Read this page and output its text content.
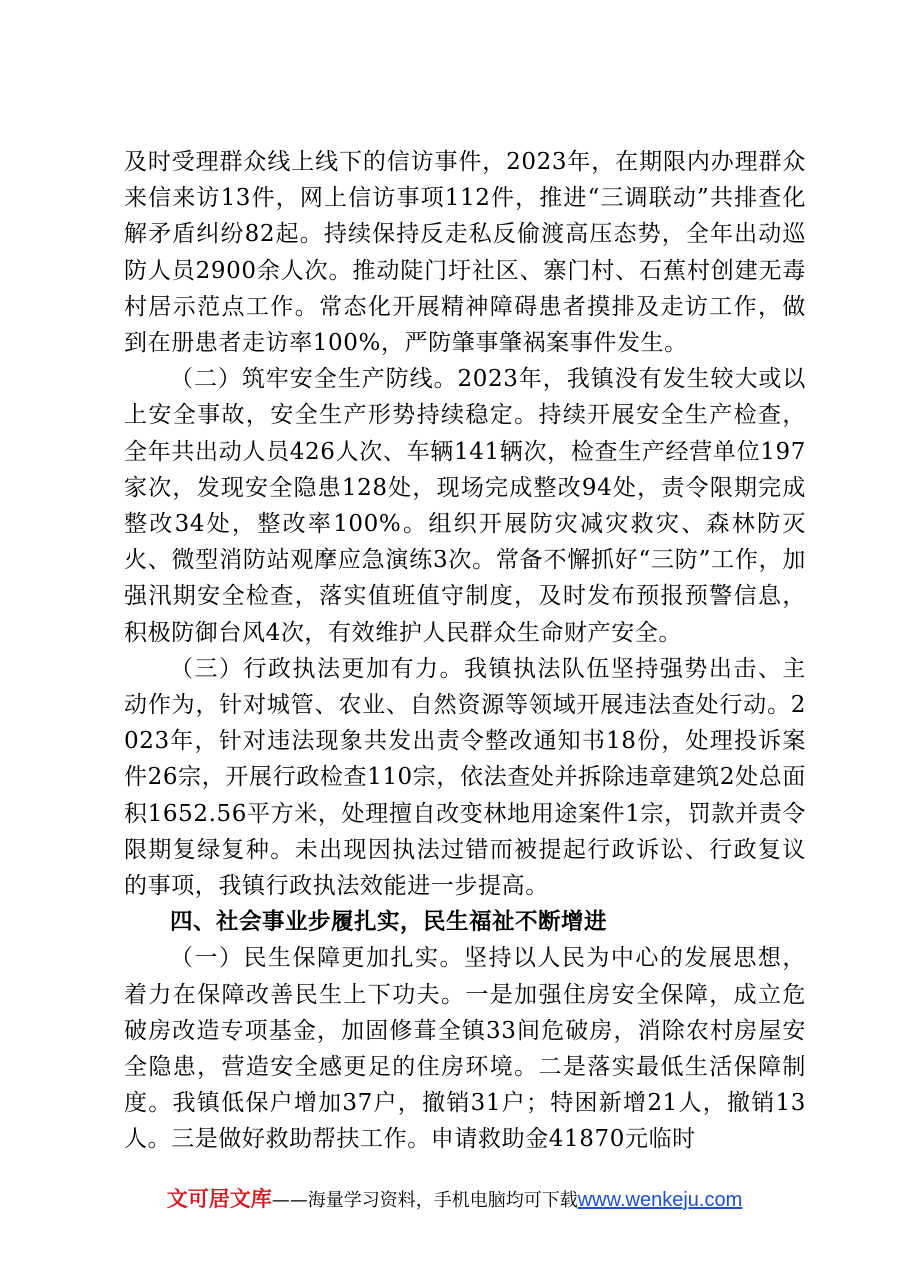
及时受理群众线上线下的信访事件，2023年，在期限内办理群众来信来访13件，网上信访事项112件，推进“三调联动”共排查化解矛盾纠纷82起。持续保持反走私反偷渡高压态势，全年出动巡防人员2900余人次。推动陡门圩社区、寨门村、石蕉村创建无毒村居示范点工作。常态化开展精神障碍患者摸排及走访工作，做到在册患者走访率100%，严防肇事肇祸案事件发生。

（二）筑牢安全生产防线。2023年，我镇没有发生较大或以上安全事故，安全生产形势持续稳定。持续开展安全生产检查，全年共出动人员426人次、车辆141辆次，检查生产经营单位197家次，发现安全隐患128处，现场完成整改94处，责令限期完成整改34处，整改率100%。组织开展防灾减灾救灾、森林防灭火、微型消防站观摩应急演练3次。常备不懈抓好“三防”工作，加强汛期安全检查，落实值班值守制度，及时发布预报预警信息，积极防御台风4次，有效维护人民群众生命财产安全。

（三）行政执法更加有力。我镇执法队伍坚持强势出击、主动作为，针对城管、农业、自然资源等领域开展违法查处行动。2023年，针对违法现象共发出责令整改通知书18份，处理投诉案件26宗，开展行政检查110宗，依法查处并拆除违章建筑2处总面积1652.56平方米，处理擅自改变林地用途案件1宗，罚款并责令限期复绿复种。未出现因执法过错而被提起行政诉讼、行政复议的事项，我镇行政执法效能进一步提高。

四、社会事业步履扎实，民生福祉不断增进

（一）民生保障更加扎实。坚持以人民为中心的发展思想，着力在保障改善民生上下功夫。一是加强住房安全保障，成立危破房改造专项基金，加固修葺全镇33间危破房，消除农村房屋安全隐患，营造安全感更足的住房环境。二是落实最低生活保障制度。我镇低保户增加37户，撤销31户；特困新增21人，撤销13人。三是做好救助帮扶工作。申请救助金41870元临时

文可居文库——海量学习资料，手机电脑均可下载www.wenkeju.com
